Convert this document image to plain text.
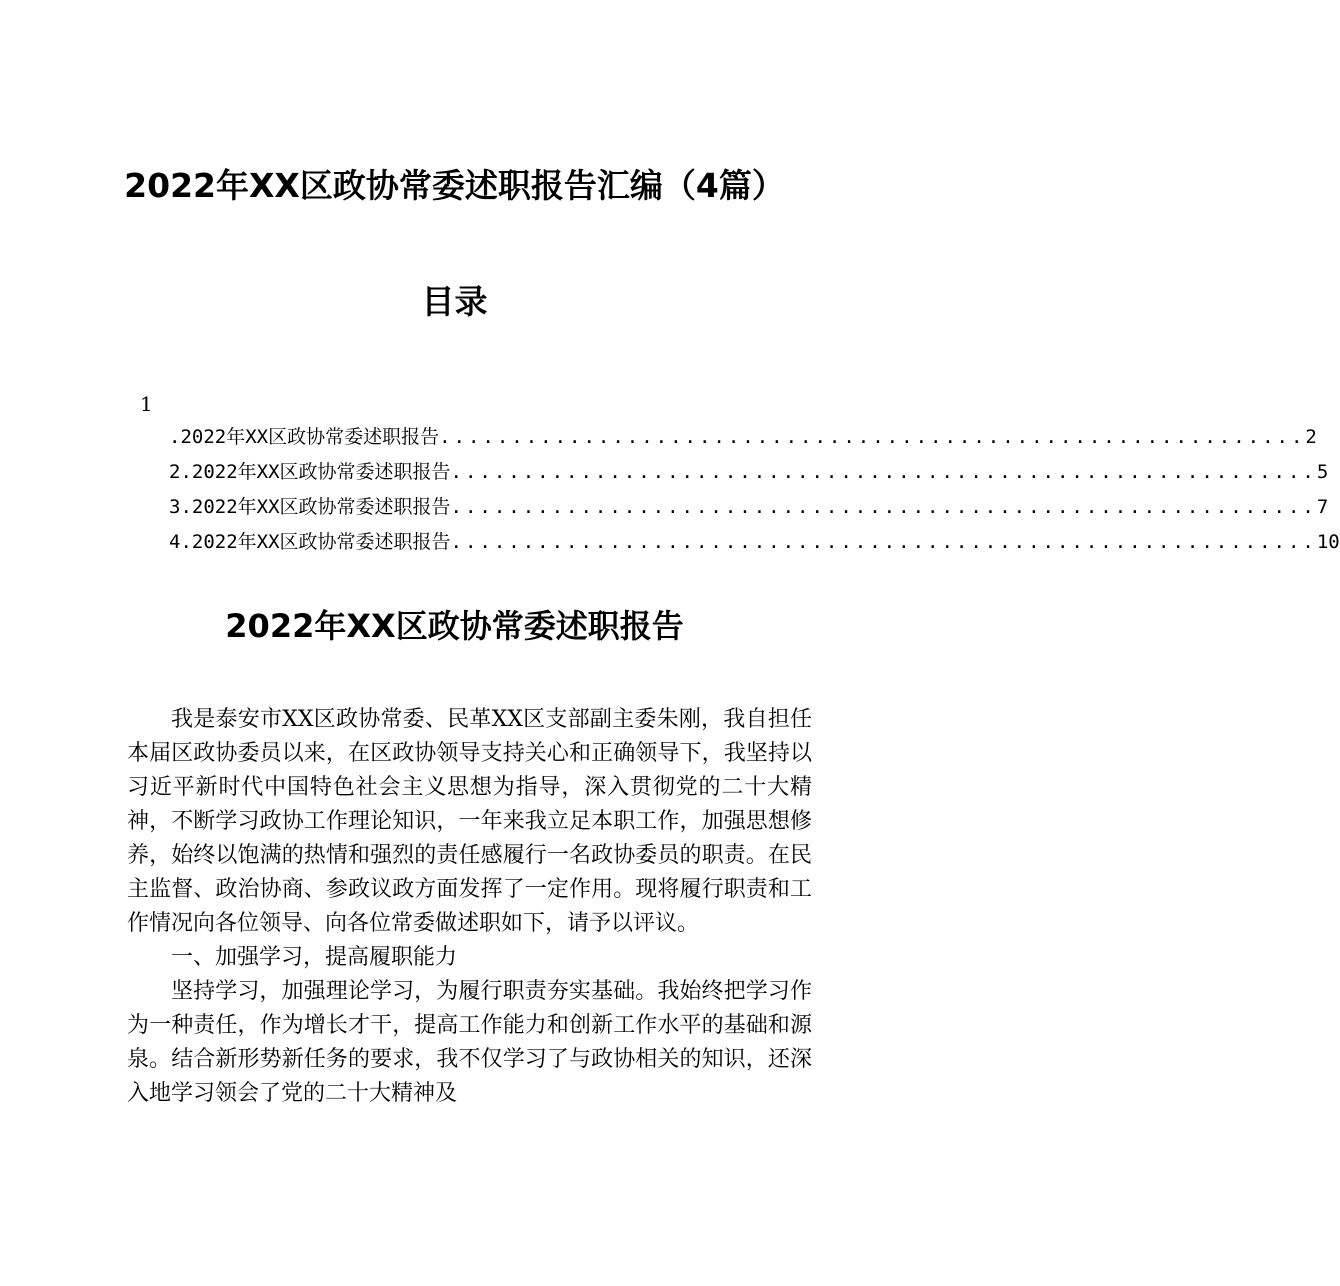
2022年XX区政协常委述职报告汇编（4篇）
目录
1
.2022年XX区政协常委述职报告 ............................................................ 2
2.2022年XX区政协常委述职报告 ............................................................ 5
3.2022年XX区政协常委述职报告 ............................................................ 7
4.2022年XX区政协常委述职报告 ............................................................ 10
2022年XX区政协常委述职报告

我是泰安市XX区政协常委、民革XX区支部副主委朱刚，我自担任本届区政协委员以来，在区政协领导支持关心和正确领导下，我坚持以习近平新时代中国特色社会主义思想为指导，深入贯彻党的二十大精神，不断学习政协工作理论知识，一年来我立足本职工作，加强思想修养，始终以饱满的热情和强烈的责任感履行一名政协委员的职责。在民主监督、政治协商、参政议政方面发挥了一定作用。现将履行职责和工作情况向各位领导、向各位常委做述职如下，请予以评议。

一、加强学习，提高履职能力

坚持学习，加强理论学习，为履行职责夯实基础。我始终把学习作为一种责任，作为增长才干，提高工作能力和创新工作水平的基础和源泉。结合新形势新任务的要求，我不仅学习了与政协相关的知识，还深入地学习领会了党的二十大精神及
